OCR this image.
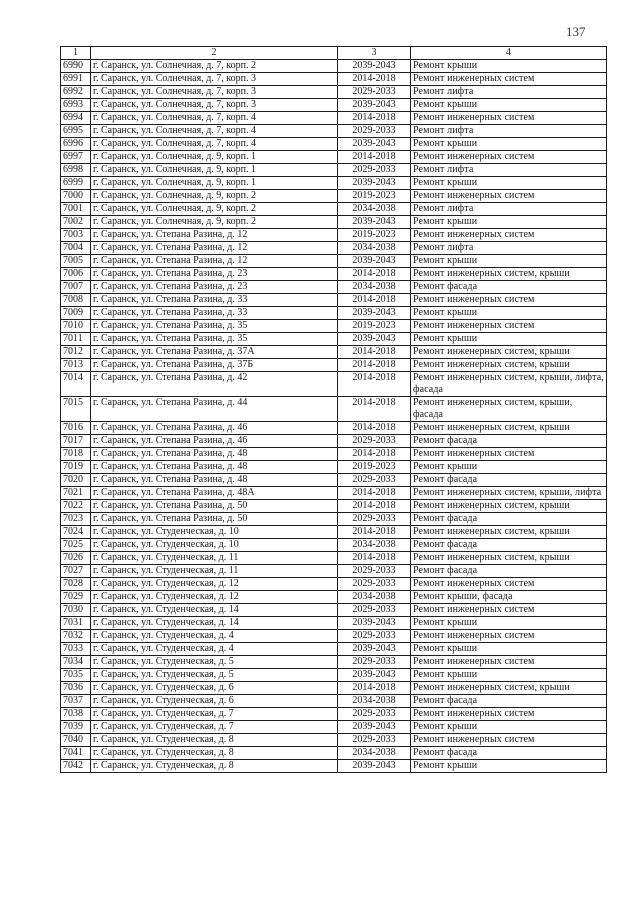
137
1	2	3	4
6990	г. Саранск, ул. Солнечная, д. 7, корп. 2	2039-2043	Ремонт крыши
6991	г. Саранск, ул. Солнечная, д. 7, корп. 3	2014-2018	Ремонт инженерных систем
6992	г. Саранск, ул. Солнечная, д. 7, корп. 3	2029-2033	Ремонт лифта
6993	г. Саранск, ул. Солнечная, д. 7, корп. 3	2039-2043	Ремонт крыши
6994	г. Саранск, ул. Солнечная, д. 7, корп. 4	2014-2018	Ремонт инженерных систем
6995	г. Саранск, ул. Солнечная, д. 7, корп. 4	2029-2033	Ремонт лифта
6996	г. Саранск, ул. Солнечная, д. 7, корп. 4	2039-2043	Ремонт крыши
6997	г. Саранск, ул. Солнечная, д. 9, корп. 1	2014-2018	Ремонт инженерных систем
6998	г. Саранск, ул. Солнечная, д. 9, корп. 1	2029-2033	Ремонт лифта
6999	г. Саранск, ул. Солнечная, д. 9, корп. 1	2039-2043	Ремонт крыши
7000	г. Саранск, ул. Солнечная, д. 9, корп. 2	2019-2023	Ремонт инженерных систем
7001	г. Саранск, ул. Солнечная, д. 9, корп. 2	2034-2038	Ремонт лифта
7002	г. Саранск, ул. Солнечная, д. 9, корп. 2	2039-2043	Ремонт крыши
7003	г. Саранск, ул. Степана Разина, д. 12	2019-2023	Ремонт инженерных систем
7004	г. Саранск, ул. Степана Разина, д. 12	2034-2038	Ремонт лифта
7005	г. Саранск, ул. Степана Разина, д. 12	2039-2043	Ремонт крыши
7006	г. Саранск, ул. Степана Разина, д. 23	2014-2018	Ремонт инженерных систем, крыши
7007	г. Саранск, ул. Степана Разина, д. 23	2034-2038	Ремонт фасада
7008	г. Саранск, ул. Степана Разина, д. 33	2014-2018	Ремонт инженерных систем
7009	г. Саранск, ул. Степана Разина, д. 33	2039-2043	Ремонт крыши
7010	г. Саранск, ул. Степана Разина, д. 35	2019-2023	Ремонт инженерных систем
7011	г. Саранск, ул. Степана Разина, д. 35	2039-2043	Ремонт крыши
7012	г. Саранск, ул. Степана Разина, д. 37А	2014-2018	Ремонт инженерных систем, крыши
7013	г. Саранск, ул. Степана Разина, д. 37Б	2014-2018	Ремонт инженерных систем, крыши
7014	г. Саранск, ул. Степана Разина, д. 42	2014-2018	Ремонт инженерных систем, крыши, лифта, фасада
7015	г. Саранск, ул. Степана Разина, д. 44	2014-2018	Ремонт инженерных систем, крыши, фасада
7016	г. Саранск, ул. Степана Разина, д. 46	2014-2018	Ремонт инженерных систем, крыши
7017	г. Саранск, ул. Степана Разина, д. 46	2029-2033	Ремонт фасада
7018	г. Саранск, ул. Степана Разина, д. 48	2014-2018	Ремонт инженерных систем
7019	г. Саранск, ул. Степана Разина, д. 48	2019-2023	Ремонт крыши
7020	г. Саранск, ул. Степана Разина, д. 48	2029-2033	Ремонт фасада
7021	г. Саранск, ул. Степана Разина, д. 48А	2014-2018	Ремонт инженерных систем, крыши, лифта
7022	г. Саранск, ул. Степана Разина, д. 50	2014-2018	Ремонт инженерных систем, крыши
7023	г. Саранск, ул. Степана Разина, д. 50	2029-2033	Ремонт фасада
7024	г. Саранск, ул. Студенческая, д. 10	2014-2018	Ремонт инженерных систем, крыши
7025	г. Саранск, ул. Студенческая, д. 10	2034-2038	Ремонт фасада
7026	г. Саранск, ул. Студенческая, д. 11	2014-2018	Ремонт инженерных систем, крыши
7027	г. Саранск, ул. Студенческая, д. 11	2029-2033	Ремонт фасада
7028	г. Саранск, ул. Студенческая, д. 12	2029-2033	Ремонт инженерных систем
7029	г. Саранск, ул. Студенческая, д. 12	2034-2038	Ремонт крыши, фасада
7030	г. Саранск, ул. Студенческая, д. 14	2029-2033	Ремонт инженерных систем
7031	г. Саранск, ул. Студенческая, д. 14	2039-2043	Ремонт крыши
7032	г. Саранск, ул. Студенческая, д. 4	2029-2033	Ремонт инженерных систем
7033	г. Саранск, ул. Студенческая, д. 4	2039-2043	Ремонт крыши
7034	г. Саранск, ул. Студенческая, д. 5	2029-2033	Ремонт инженерных систем
7035	г. Саранск, ул. Студенческая, д. 5	2039-2043	Ремонт крыши
7036	г. Саранск, ул. Студенческая, д. 6	2014-2018	Ремонт инженерных систем, крыши
7037	г. Саранск, ул. Студенческая, д. 6	2034-2038	Ремонт фасада
7038	г. Саранск, ул. Студенческая, д. 7	2029-2033	Ремонт инженерных систем
7039	г. Саранск, ул. Студенческая, д. 7	2039-2043	Ремонт крыши
7040	г. Саранск, ул. Студенческая, д. 8	2029-2033	Ремонт инженерных систем
7041	г. Саранск, ул. Студенческая, д. 8	2034-2038	Ремонт фасада
7042	г. Саранск, ул. Студенческая, д. 8	2039-2043	Ремонт крыши
